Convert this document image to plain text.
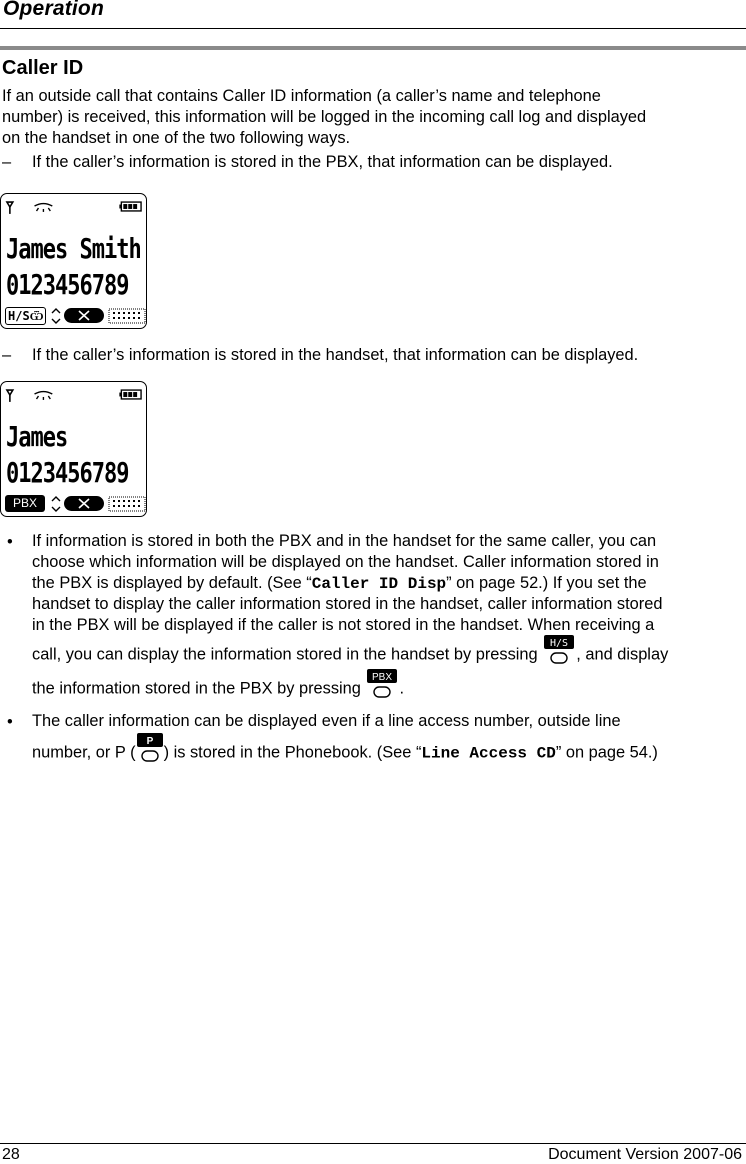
Operation
Caller ID
If an outside call that contains Caller ID information (a caller’s name and telephone
number) is received, this information will be logged in the incoming call log and displayed
on the handset in one of the two following ways.
– If the caller’s information is stored in the PBX, that information can be displayed.
James Smith
0123456789
H/SѾ
– If the caller’s information is stored in the handset, that information can be displayed.
James
0123456789
PBX
• If information is stored in both the PBX and in the handset for the same caller, you can
choose which information will be displayed on the handset. Caller information stored in
the PBX is displayed by default. (See “Caller ID Disp” on page 52.) If you set the
handset to display the caller information stored in the handset, caller information stored
in the PBX will be displayed if the caller is not stored in the handset. When receiving a
call, you can display the information stored in the handset by pressing
H/S
, and display
the information stored in the PBX by pressing
PBX
.
• The caller information can be displayed even if a line access number, outside line
number, or P (
P
) is stored in the Phonebook. (See “Line Access CD” on page 54.)
28	Document Version 2007-06
